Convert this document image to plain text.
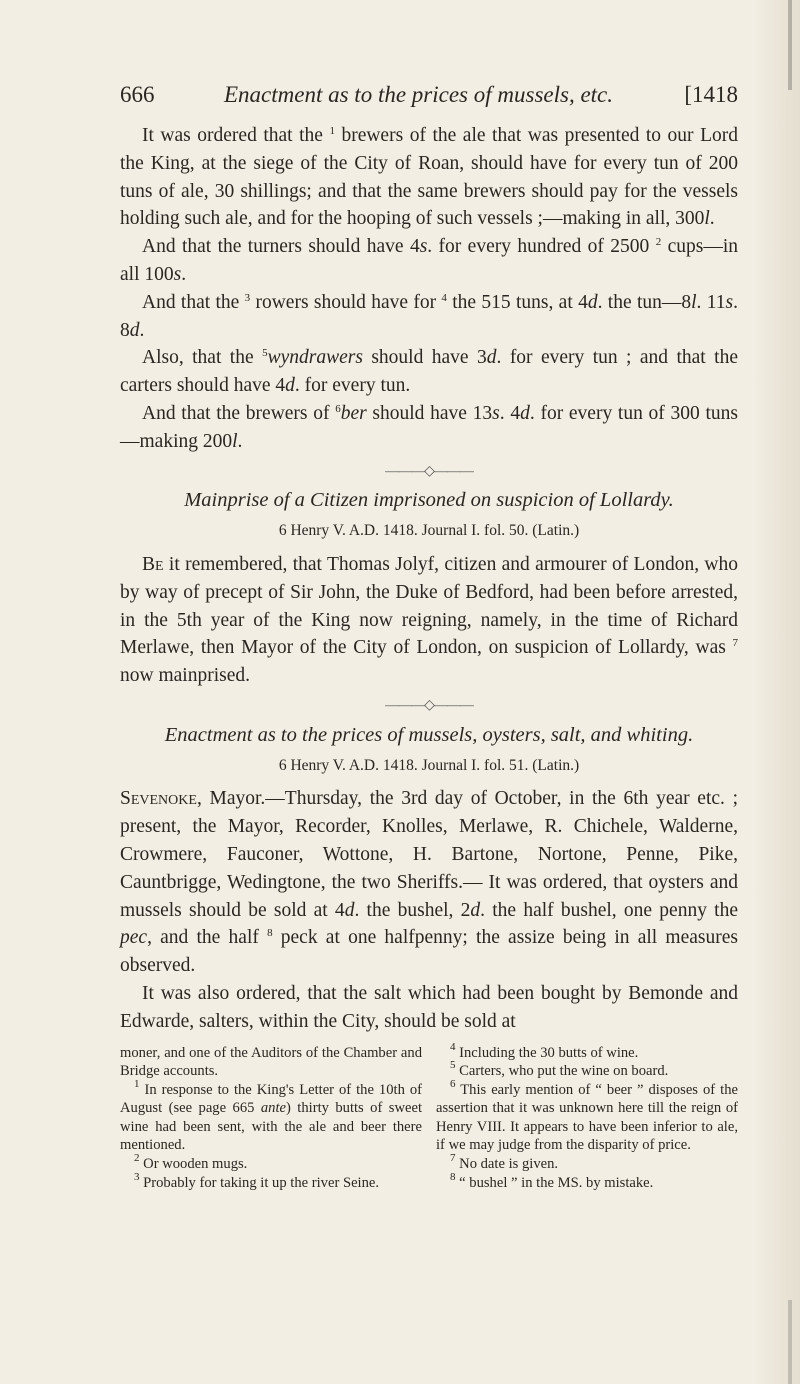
666	Enactment as to the prices of mussels, etc.	[1418

It was ordered that the $^1$ brewers of the ale that was presented to our Lord the King, at the siege of the City of Roan, should have for every tun of 200 tuns of ale, 30 shillings; and that the same brewers should pay for the vessels holding such ale, and for the hooping of such vessels ;—making in all, 300l.

And that the turners should have 4s. for every hundred of 2500 $^2$ cups—in all 100s.

And that the $^3$ rowers should have for $^4$ the 515 tuns, at 4d. the tun—8l. 11s. 8d.

Also, that the $^5$wyndrawers should have 3d. for every tun ; and that the carters should have 4d. for every tun.

And that the brewers of $^6$ber should have 13s. 4d. for every tun of 300 tuns—making 200l.

———◇———
Mainprise of a Citizen imprisoned on suspicion of Lollardy.
6 Henry V. A.D. 1418. Journal I. fol. 50. (Latin.)

Be it remembered, that Thomas Jolyf, citizen and armourer of London, who by way of precept of Sir John, the Duke of Bedford, had been before arrested, in the 5th year of the King now reigning, namely, in the time of Richard Merlawe, then Mayor of the City of London, on suspicion of Lollardy, was $^7$ now mainprised.

———◇———
Enactment as to the prices of mussels, oysters, salt, and whiting.
6 Henry V. A.D. 1418. Journal I. fol. 51. (Latin.)

Sevenoke, Mayor.—Thursday, the 3rd day of October, in the 6th year etc. ; present, the Mayor, Recorder, Knolles, Merlawe, R. Chichele, Walderne, Crowmere, Fauconer, Wottone, H. Bartone, Nortone, Penne, Pike, Cauntbrigge, Wedingtone, the two Sheriffs.— It was ordered, that oysters and mussels should be sold at 4d. the bushel, 2d. the half bushel, one penny the pec, and the half $^8$ peck at one halfpenny; the assize being in all measures observed.

It was also ordered, that the salt which had been bought by Bemonde and Edwarde, salters, within the City, should be sold at

moner, and one of the Auditors of the Chamber and Bridge accounts.

$^1$ In response to the King's Letter of the 10th of August (see page 665 ante) thirty butts of sweet wine had been sent, with the ale and beer there mentioned.

$^2$ Or wooden mugs.

$^3$ Probably for taking it up the river Seine.

$^4$ Including the 30 butts of wine.

$^5$ Carters, who put the wine on board.

$^6$ This early mention of “ beer ” disposes of the assertion that it was unknown here till the reign of Henry VIII. It appears to have been inferior to ale, if we may judge from the disparity of price.

$^7$ No date is given.

$^8$ “ bushel ” in the MS. by mistake.
